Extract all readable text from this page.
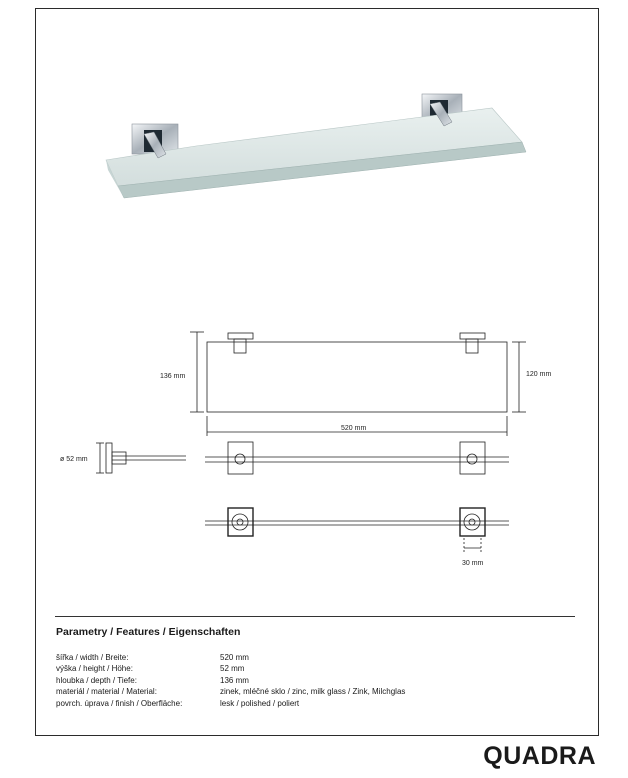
136 mm	120 mm
520 mm
ø 52 mm
30 mm
Parametry / Features / Eigenschaften
šířka / width / Breite:	520 mm
výška / height / Höhe:	52 mm
hloubka / depth / Tiefe:	136 mm
materiál / material / Material:	zinek, mléčné sklo / zinc, milk glass / Zink, Milchglas
povrch. úprava / finish / Oberfläche:	lesk / polished / poliert
QUADRA
